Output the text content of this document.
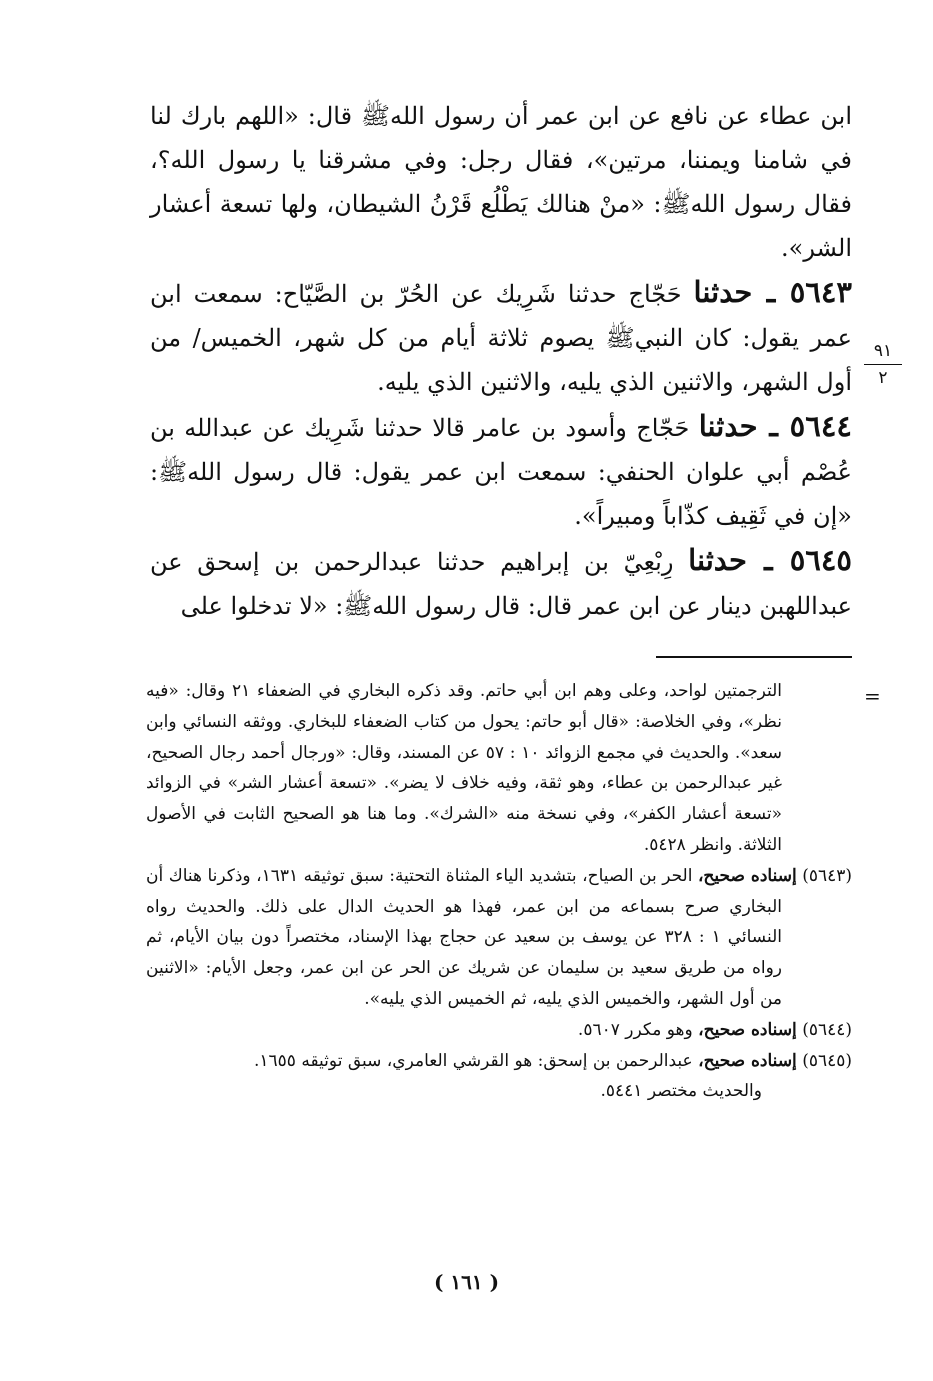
ابن عطاء عن نافع عن ابن عمر أن رسول اللهﷺ قال: «اللهم بارك لنا في شامنا ويمننا، مرتين»، فقال رجل: وفي مشرقنا يا رسول الله؟، فقال رسول اللهﷺ: «منْ هنالك يَطْلُع قَرْنُ الشيطان، ولها تسعة أعشار الشر».

٥٦٤٣ ـ حدثنا حَجّاج حدثنا شَرِيك عن الحُرّ بن الصَّيّاح: سمعت ابن عمر يقول: كان النبيﷺ يصوم ثلاثة أيام من كل شهر، الخميس/ من أول الشهر، والاثنين الذي يليه، والاثنين الذي يليه.

٥٦٤٤ ـ حدثنا حَجّاج وأسود بن عامر قالا حدثنا شَرِيك عن عبدالله بن عُصْم أبي علوان الحنفي: سمعت ابن عمر يقول: قال رسول اللهﷺ: «إن في ثَقِيف كذّاباً ومبيراً».

٥٦٤٥ ـ حدثنا رِبْعِيّ بن إبراهيم حدثنا عبدالرحمن بن إسحق عن عبداللهبن دينار عن ابن عمر قال: قال رسول اللهﷺ: «لا تدخلوا على

٩١
٢
=

الترجمتين لواحد، وعلى وهم ابن أبي حاتم. وقد ذكره البخاري في الضعفاء ٢١ وقال: «فيه نظر»، وفي الخلاصة: «قال أبو حاتم: يحول من كتاب الضعفاء للبخاري. ووثقه النسائي وابن سعد». والحديث في مجمع الزوائد ١٠ : ٥٧ عن المسند، وقال: «ورجال أحمد رجال الصحيح، غير عبدالرحمن بن عطاء، وهو ثقة، وفيه خلاف لا يضر». «تسعة أعشار الشر» في الزوائد «تسعة أعشار الكفر»، وفي نسخة منه «الشرك». وما هنا هو الصحيح الثابت في الأصول الثلاثة. وانظر ٥٤٢٨.

(٥٦٤٣) إسناده صحيح، الحر بن الصياح، بتشديد الياء المثناة التحتية: سبق توثيقه ١٦٣١، وذكرنا هناك أن البخاري صرح بسماعه من ابن عمر، فهذا هو الحديث الدال على ذلك. والحديث رواه النسائي ١ : ٣٢٨ عن يوسف بن سعيد عن حجاج بهذا الإسناد، مختصراً دون بيان الأيام، ثم رواه من طريق سعيد بن سليمان عن شريك عن الحر عن ابن عمر، وجعل الأيام: «الاثنين من أول الشهر، والخميس الذي يليه، ثم الخميس الذي يليه».

(٥٦٤٤) إسناده صحيح، وهو مكرر ٥٦٠٧.

(٥٦٤٥) إسناده صحيح، عبدالرحمن بن إسحق: هو القرشي العامري، سبق توثيقه ١٦٥٥.

والحديث مختصر ٥٤٤١.

( ١٦١ )
